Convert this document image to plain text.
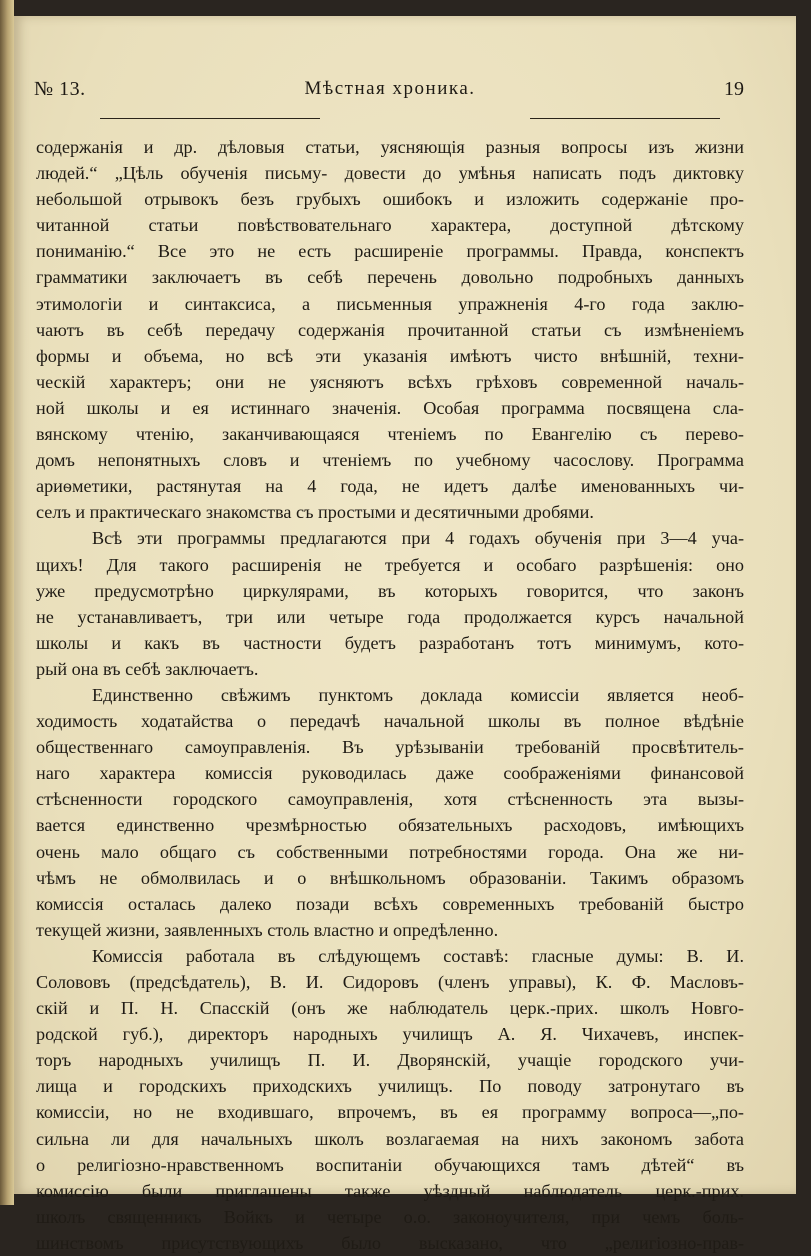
№ 13.	Мѣстная хроника.	19
содержанія и др. дѣловыя статьи, уясняющія разныя вопросы изъ жизни
людей.“ „Цѣль обученія письму- довести до умѣнья написать подъ диктовку
небольшой отрывокъ безъ грубыхъ ошибокъ и изложить содержаніе про-
читанной статьи повѣствовательнаго характера, доступной дѣтскому
пониманію.“ Все это не есть расширеніе программы. Правда, конспектъ
грамматики заключаетъ въ себѣ перечень довольно подробныхъ данныхъ
этимологіи и синтаксиса, а письменныя упражненія 4-го года заклю-
чаютъ въ себѣ передачу содержанія прочитанной статьи съ измѣненіемъ
формы и объема, но всѣ эти указанія имѣютъ чисто внѣшній, техни-
ческій характеръ; они не уясняютъ всѣхъ грѣховъ современной началь-
ной школы и ея истиннаго значенія. Особая программа посвящена сла-
вянскому чтенію, заканчивающаяся чтеніемъ по Евангелію съ перево-
домъ непонятныхъ словъ и чтеніемъ по учебному часослову. Программа
ариѳметики, растянутая на 4 года, не идетъ далѣе именованныхъ чи-
селъ и практическаго знакомства съ простыми и десятичными дробями.
Всѣ эти программы предлагаются при 4 годахъ обученія при 3—4 уча-
щихъ! Для такого расширенія не требуется и особаго разрѣшенія: оно
уже предусмотрѣно циркулярами, въ которыхъ говорится, что законъ
не устанавливаетъ, три или четыре года продолжается курсъ начальной
школы и какъ въ частности будетъ разработанъ тотъ минимумъ, кото-
рый она въ себѣ заключаетъ.
Единственно свѣжимъ пунктомъ доклада комиссіи является необ-
ходимость ходатайства о передачѣ начальной школы въ полное вѣдѣніе
общественнаго самоуправленія. Въ урѣзываніи требованій просвѣтитель-
наго характера комиссія руководилась даже соображеніями финансовой
стѣсненности городского самоуправленія, хотя стѣсненность эта вызы-
вается единственно чрезмѣрностью обязательныхъ расходовъ, имѣющихъ
очень мало общаго съ собственными потребностями города. Она же ни-
чѣмъ не обмолвилась и о внѣшкольномъ образованіи. Такимъ образомъ
комиссія осталась далеко позади всѣхъ современныхъ требованій быстро
текущей жизни, заявленныхъ столь властно и опредѣленно.
Комиссія работала въ слѣдующемъ составѣ: гласные думы: В. И.
Солововъ (предсѣдатель), В. И. Сидоровъ (членъ управы), К. Ф. Масловъ-
скій и П. Н. Спасскій (онъ же наблюдатель церк.-прих. школъ Новго-
родской губ.), директоръ народныхъ училищъ А. Я. Чихачевъ, инспек-
торъ народныхъ училищъ П. И. Дворянскій, учащіе городского учи-
лища и городскихъ приходскихъ училищъ. По поводу затронутаго въ
комиссіи, но не входившаго, впрочемъ, въ ея программу вопроса—„по-
сильна ли для начальныхъ школъ возлагаемая на нихъ закономъ забота
о религіозно-нравственномъ воспитаніи обучающихся тамъ дѣтей“ въ
комиссію были приглашены также уѣздный наблюдатель церк.-прих.
школъ священникъ Войкъ и четыре о.о. законоучителя, при чемъ боль-
шинствомъ присутствующихъ было высказано, что „религіозно-прав-
